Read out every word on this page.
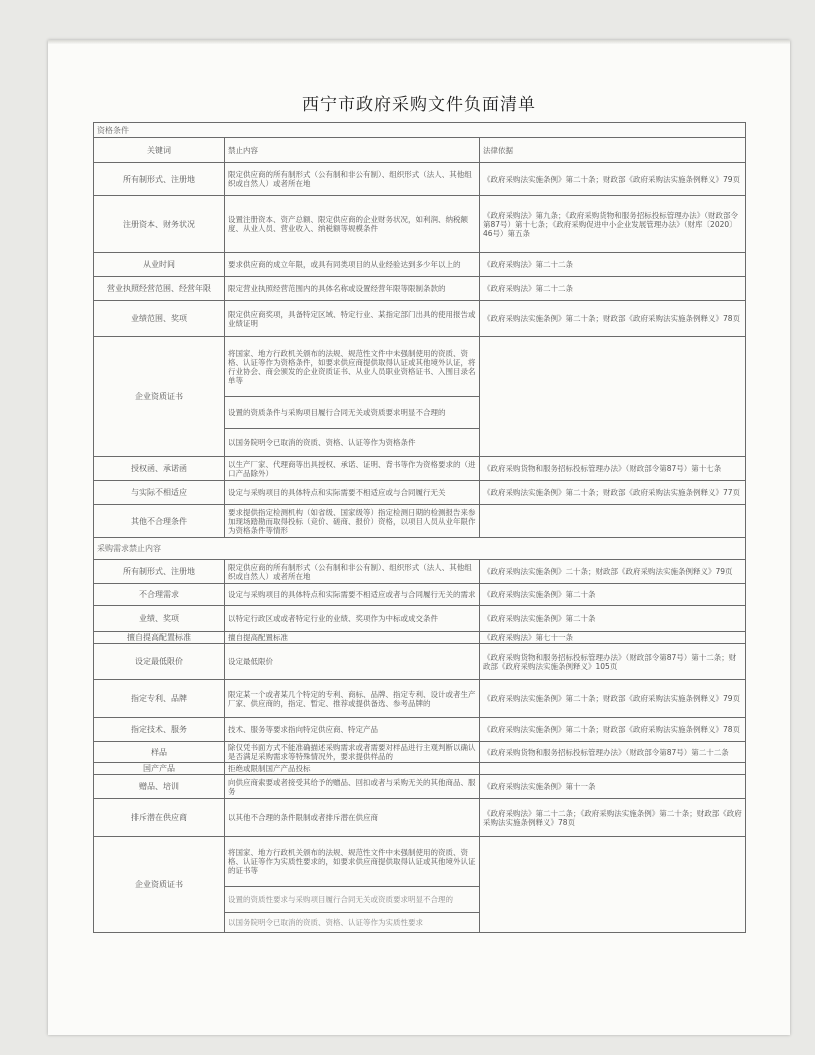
西宁市政府采购文件负面清单
资格条件		
关键词	禁止内容	法律依据
所有制形式、注册地	限定供应商的所有制形式（公有制和非公有制）、组织形式（法人、其他组织或自然人）或者所在地	《政府采购法实施条例》第二十条；财政部《政府采购法实施条例释义》79页
注册资本、财务状况	设置注册资本、资产总额、限定供应商的企业财务状况，如利润、纳税额度、从业人员、营业收入、纳税额等规模条件	《政府采购法》第九条；《政府采购货物和服务招标投标管理办法》（财政部令第87号）第十七条；《政府采购促进中小企业发展管理办法》（财库〔2020〕46号）第五条
从业时间	要求供应商的成立年限，或具有同类项目的从业经验达到多少年以上的	《政府采购法》第二十二条
营业执照经营范围、经营年限	限定营业执照经营范围内的具体名称或设置经营年限等限制条款的	《政府采购法》第二十二条
业绩范围、奖项	限定供应商奖项，具备特定区域、特定行业、某指定部门出具的使用报告或业绩证明	《政府采购法实施条例》第二十条；财政部《政府采购法实施条例释义》78页
企业资质证书	将国家、地方行政机关颁布的法规、规范性文件中未强制使用的资质、资格、认证等作为资格条件，如要求供应商提供取得认证或其他境外认证，将行业协会、商会颁发的企业资质证书、从业人员职业资格证书、入围目录名单等	
	设置的资质条件与采购项目履行合同无关或资质要求明显不合理的	
	以国务院明令已取消的资质、资格、认证等作为资格条件	
授权函、承诺函	以生产厂家、代理商等出具授权、承诺、证明、背书等作为资格要求的（进口产品除外）	《政府采购货物和服务招标投标管理办法》（财政部令第87号）第十七条
与实际不相适应	设定与采购项目的具体特点和实际需要不相适应或与合同履行无关	《政府采购法实施条例》第二十条；财政部《政府采购法实施条例释义》77页
其他不合理条件	要求提供指定检测机构（如省级、国家级等）指定检测日期的检测报告来参加现场踏勘而取得投标（竞价、磋商、报价）资格，以项目人员从业年限作为资格条件等情形	
采购需求禁止内容		
所有制形式、注册地	限定供应商的所有制形式（公有制和非公有制）、组织形式（法人、其他组织或自然人）或者所在地	《政府采购法实施条例》二十条；财政部《政府采购法实施条例释义》79页
不合理需求	设定与采购项目的具体特点和实际需要不相适应或者与合同履行无关的需求	《政府采购法实施条例》第二十条
业绩、奖项	以特定行政区或或者特定行业的业绩、奖项作为中标或成交条件	《政府采购法实施条例》第二十条
擅自提高配置标准	擅自提高配置标准	《政府采购法》第七十一条
设定最低限价	设定最低限价	《政府采购货物和服务招标投标管理办法》（财政部令第87号）第十二条；财政部《政府采购法实施条例释义》105页
指定专利、品牌	限定某一个或者某几个特定的专利、商标、品牌、指定专利、设计或者生产厂家、供应商的，指定、暂定、推荐或提供备选、参考品牌的	《政府采购法实施条例》第二十条；财政部《政府采购法实施条例释义》79页
指定技术、服务	技术、服务等要求指向特定供应商、特定产品	《政府采购法实施条例》第二十条；财政部《政府采购法实施条例释义》78页
样品	除仅凭书面方式不能准确描述采购需求或者需要对样品进行主观判断以确认是否满足采购需求等特殊情况外，要求提供样品的	《政府采购货物和服务招标投标管理办法》（财政部令第87号）第二十二条
国产产品	拒绝或限制国产产品投标	
赠品、培训	向供应商索要或者接受其给予的赠品、回扣或者与采购无关的其他商品、服务	《政府采购法实施条例》第十一条
排斥潜在供应商	以其他不合理的条件限制或者排斥潜在供应商	《政府采购法》第二十二条；《政府采购法实施条例》第二十条；财政部《政府采购法实施条例释义》78页
企业资质证书	将国家、地方行政机关颁布的法规、规范性文件中未强制使用的资质、资格、认证等作为实质性要求的，如要求供应商提供取得认证或其他境外认证的证书等	
	设置的资质性要求与采购项目履行合同无关或资质要求明显不合理的	
	以国务院明令已取消的资质、资格、认证等作为实质性要求	
